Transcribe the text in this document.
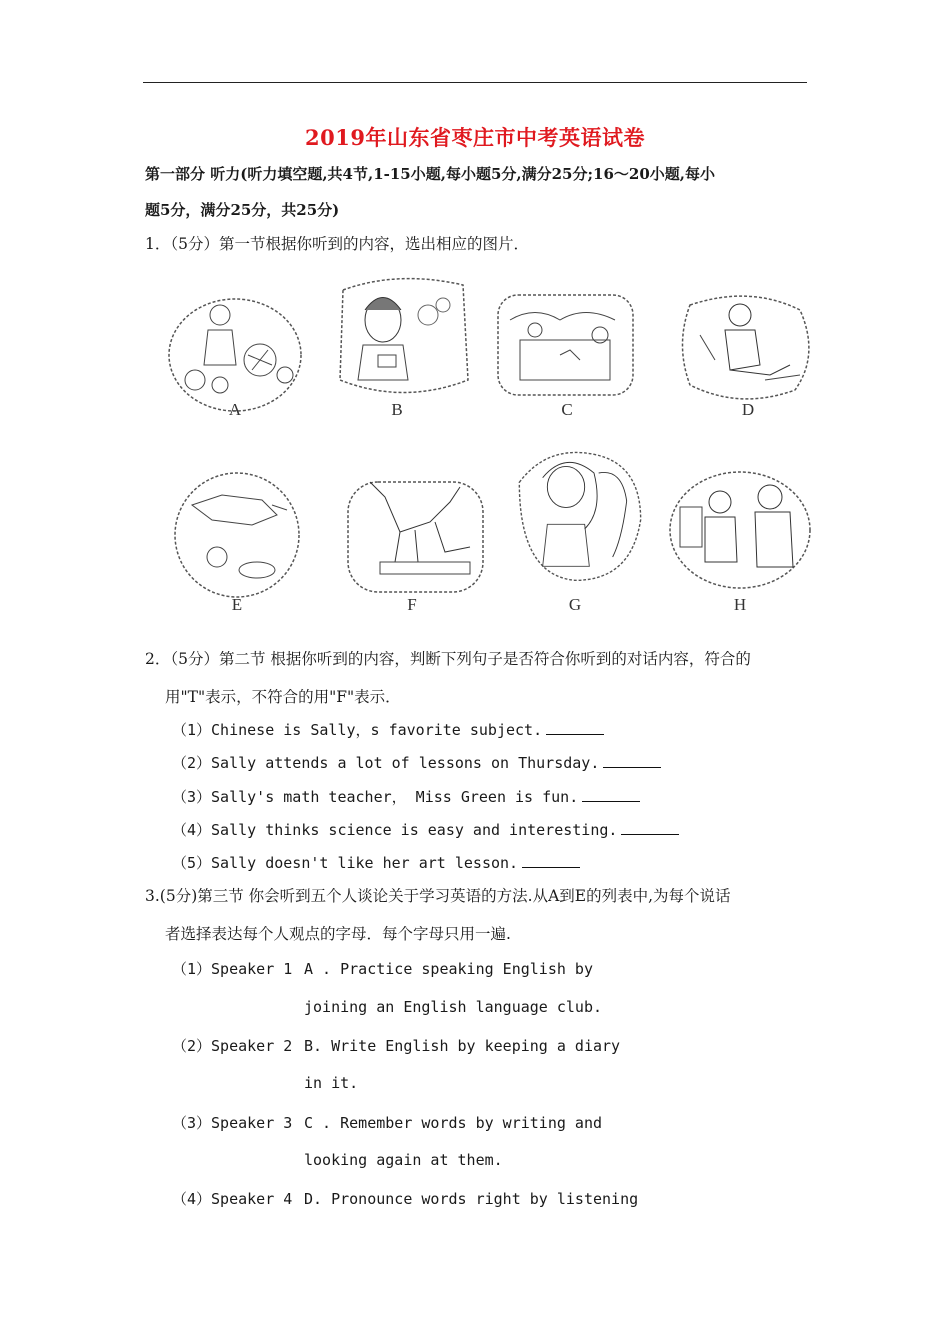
2019年山东省枣庄市中考英语试卷
第一部分 听力(听力填空题,共4节,1-15小题,每小题5分,满分25分;16～20小题,每小
题5分，满分25分，共25分)
1．（5分）第一节根据你听到的内容，选出相应的图片．
A	B	C	D
E	F	G	H
2．（5分）第二节 根据你听到的内容，判断下列句子是否符合你听到的对话内容，符合的
用"T"表示，不符合的用"F"表示．
（1）Chinese is Sally，s favorite subject.
（2）Sally attends a lot of lessons on Thursday.
（3）Sally's math teacher， Miss Green is fun.
（4）Sally thinks science is easy and interesting.
（5）Sally doesn't like her art lesson.
3.(5分)第三节 你会听到五个人谈论关于学习英语的方法.从A到E的列表中,为每个说话
者选择表达每个人观点的字母．每个字母只用一遍.
（1）Speaker 1 A . Practice speaking English by
joining an English language club.
（2）Speaker 2 B. Write English by keeping a diary
in it.
（3）Speaker 3 C . Remember words by writing and
looking again at them.
（4）Speaker 4 D. Pronounce words right by listening
